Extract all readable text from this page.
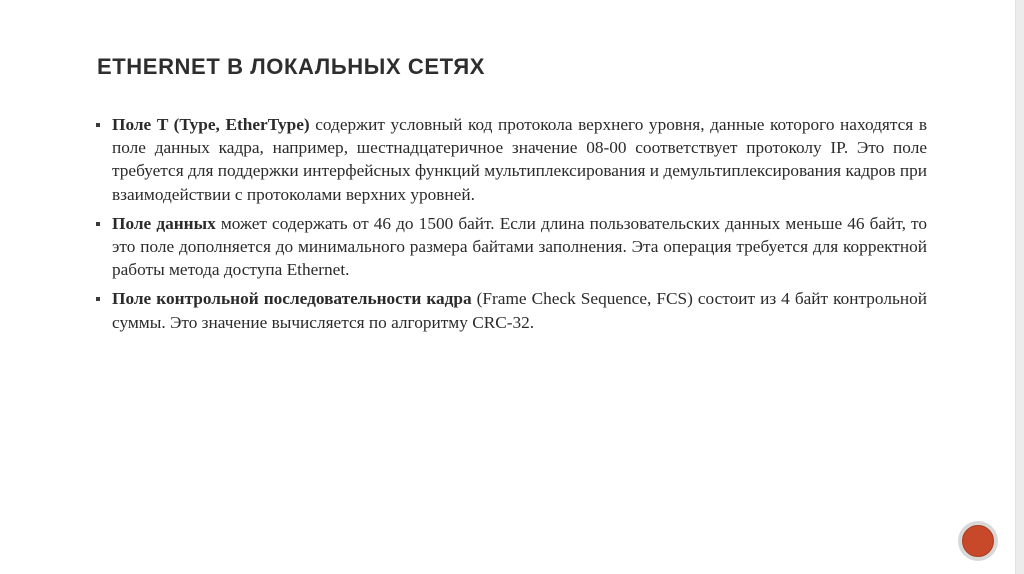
ETHERNET В ЛОКАЛЬНЫХ СЕТЯХ
Поле T (Type, EtherType) содержит условный код протокола верхнего уровня, данные которого находятся в поле данных кадра, например, шестнадцатеричное значение 08-00 соответствует протоколу IP. Это поле требуется для поддержки интерфейсных функций мультиплексирования и демультиплексирования кадров при взаимодействии с протоколами верхних уровней.
Поле данных может содержать от 46 до 1500 байт. Если длина пользовательских данных меньше 46 байт, то это поле дополняется до минимального размера байтами заполнения. Эта операция требуется для корректной работы метода доступа Ethernet.
Поле контрольной последовательности кадра (Frame Check Sequence, FCS) состоит из 4 байт контрольной суммы. Это значение вычисляется по алгоритму CRC-32.
